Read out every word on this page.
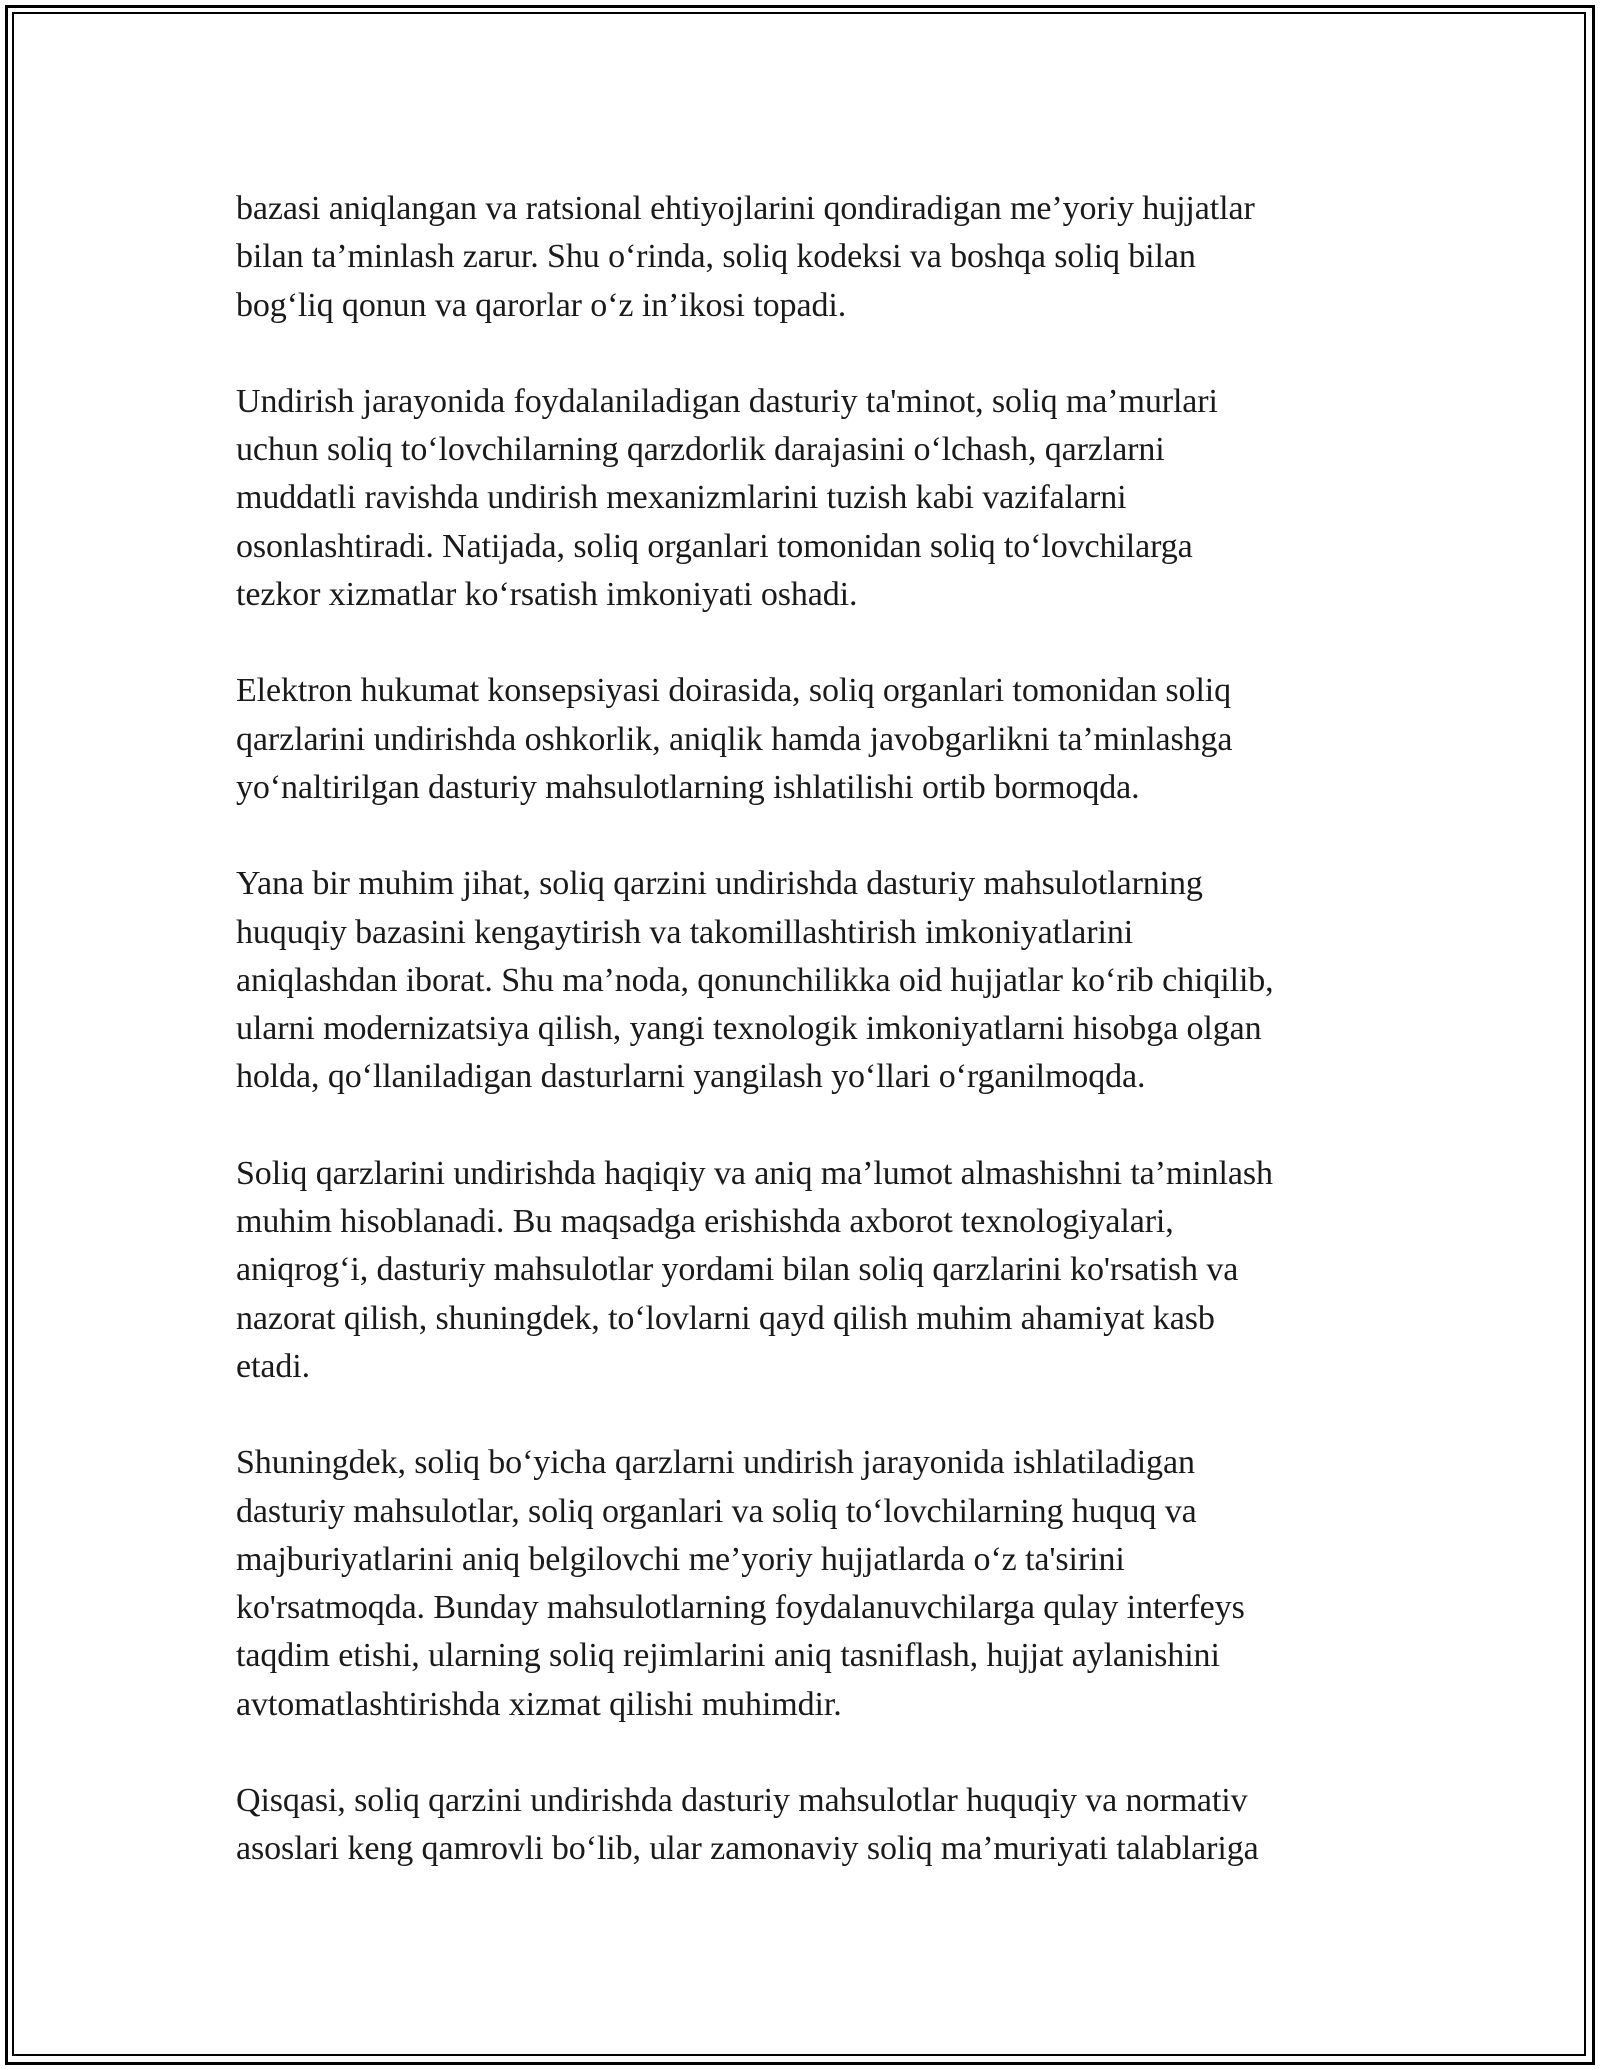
bazasi aniqlangan va ratsional ehtiyojlarini qondiradigan me’yoriy hujjatlar
bilan ta’minlash zarur. Shu o‘rinda, soliq kodeksi va boshqa soliq bilan
bog‘liq qonun va qarorlar o‘z in’ikosi topadi.

Undirish jarayonida foydalaniladigan dasturiy ta'minot, soliq ma’murlari
uchun soliq to‘lovchilarning qarzdorlik darajasini o‘lchash, qarzlarni
muddatli ravishda undirish mexanizmlarini tuzish kabi vazifalarni
osonlashtiradi. Natijada, soliq organlari tomonidan soliq to‘lovchilarga
tezkor xizmatlar ko‘rsatish imkoniyati oshadi.

Elektron hukumat konsepsiyasi doirasida, soliq organlari tomonidan soliq
qarzlarini undirishda oshkorlik, aniqlik hamda javobgarlikni ta’minlashga
yo‘naltirilgan dasturiy mahsulotlarning ishlatilishi ortib bormoqda.

Yana bir muhim jihat, soliq qarzini undirishda dasturiy mahsulotlarning
huquqiy bazasini kengaytirish va takomillashtirish imkoniyatlarini
aniqlashdan iborat. Shu ma’noda, qonunchilikka oid hujjatlar ko‘rib chiqilib,
ularni modernizatsiya qilish, yangi texnologik imkoniyatlarni hisobga olgan
holda, qo‘llaniladigan dasturlarni yangilash yo‘llari o‘rganilmoqda.

Soliq qarzlarini undirishda haqiqiy va aniq ma’lumot almashishni ta’minlash
muhim hisoblanadi. Bu maqsadga erishishda axborot texnologiyalari,
aniqrog‘i, dasturiy mahsulotlar yordami bilan soliq qarzlarini ko'rsatish va
nazorat qilish, shuningdek, to‘lovlarni qayd qilish muhim ahamiyat kasb
etadi.

Shuningdek, soliq bo‘yicha qarzlarni undirish jarayonida ishlatiladigan
dasturiy mahsulotlar, soliq organlari va soliq to‘lovchilarning huquq va
majburiyatlarini aniq belgilovchi me’yoriy hujjatlarda o‘z ta'sirini
ko'rsatmoqda. Bunday mahsulotlarning foydalanuvchilarga qulay interfeys
taqdim etishi, ularning soliq rejimlarini aniq tasniflash, hujjat aylanishini
avtomatlashtirishda xizmat qilishi muhimdir.

Qisqasi, soliq qarzini undirishda dasturiy mahsulotlar huquqiy va normativ
asoslari keng qamrovli bo‘lib, ular zamonaviy soliq ma’muriyati talablariga
